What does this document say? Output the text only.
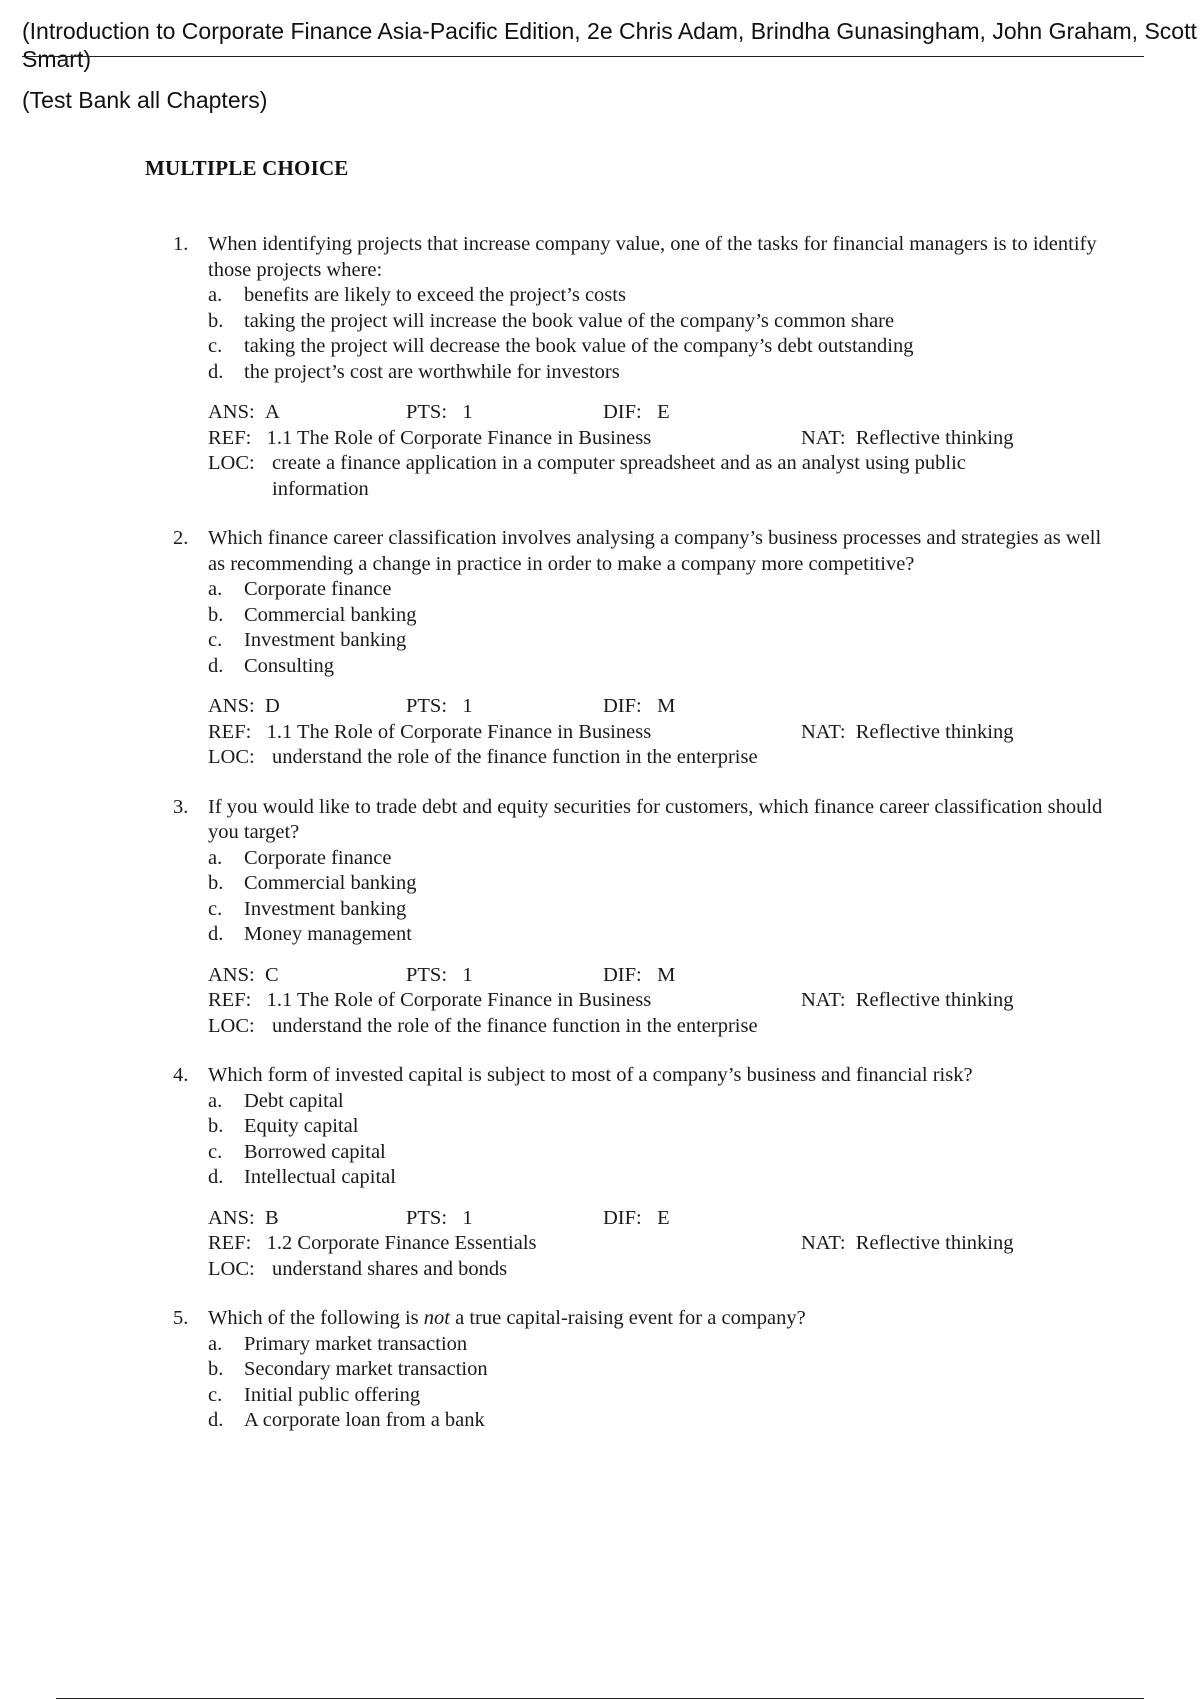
(Introduction to Corporate Finance Asia-Pacific Edition, 2e Chris Adam, Brindha Gunasingham, John Graham, Scott Smart)
(Test Bank all Chapters)
MULTIPLE CHOICE
1. When identifying projects that increase company value, one of the tasks for financial managers is to identify those projects where:
a. benefits are likely to exceed the project’s costs
b. taking the project will increase the book value of the company’s common share
c. taking the project will decrease the book value of the company’s debt outstanding
d. the project’s cost are worthwhile for investors
ANS: A	PTS: 1	DIF: E
REF: 1.1 The Role of Corporate Finance in Business	NAT: Reflective thinking
LOC: create a finance application in a computer spreadsheet and as an analyst using public information
2. Which finance career classification involves analysing a company’s business processes and strategies as well as recommending a change in practice in order to make a company more competitive?
a. Corporate finance
b. Commercial banking
c. Investment banking
d. Consulting
ANS: D	PTS: 1	DIF: M
REF: 1.1 The Role of Corporate Finance in Business	NAT: Reflective thinking
LOC: understand the role of the finance function in the enterprise
3. If you would like to trade debt and equity securities for customers, which finance career classification should you target?
a. Corporate finance
b. Commercial banking
c. Investment banking
d. Money management
ANS: C	PTS: 1	DIF: M
REF: 1.1 The Role of Corporate Finance in Business	NAT: Reflective thinking
LOC: understand the role of the finance function in the enterprise
4. Which form of invested capital is subject to most of a company’s business and financial risk?
a. Debt capital
b. Equity capital
c. Borrowed capital
d. Intellectual capital
ANS: B	PTS: 1	DIF: E
REF: 1.2 Corporate Finance Essentials	NAT: Reflective thinking
LOC: understand shares and bonds
5. Which of the following is not a true capital-raising event for a company?
a. Primary market transaction
b. Secondary market transaction
c. Initial public offering
d. A corporate loan from a bank
